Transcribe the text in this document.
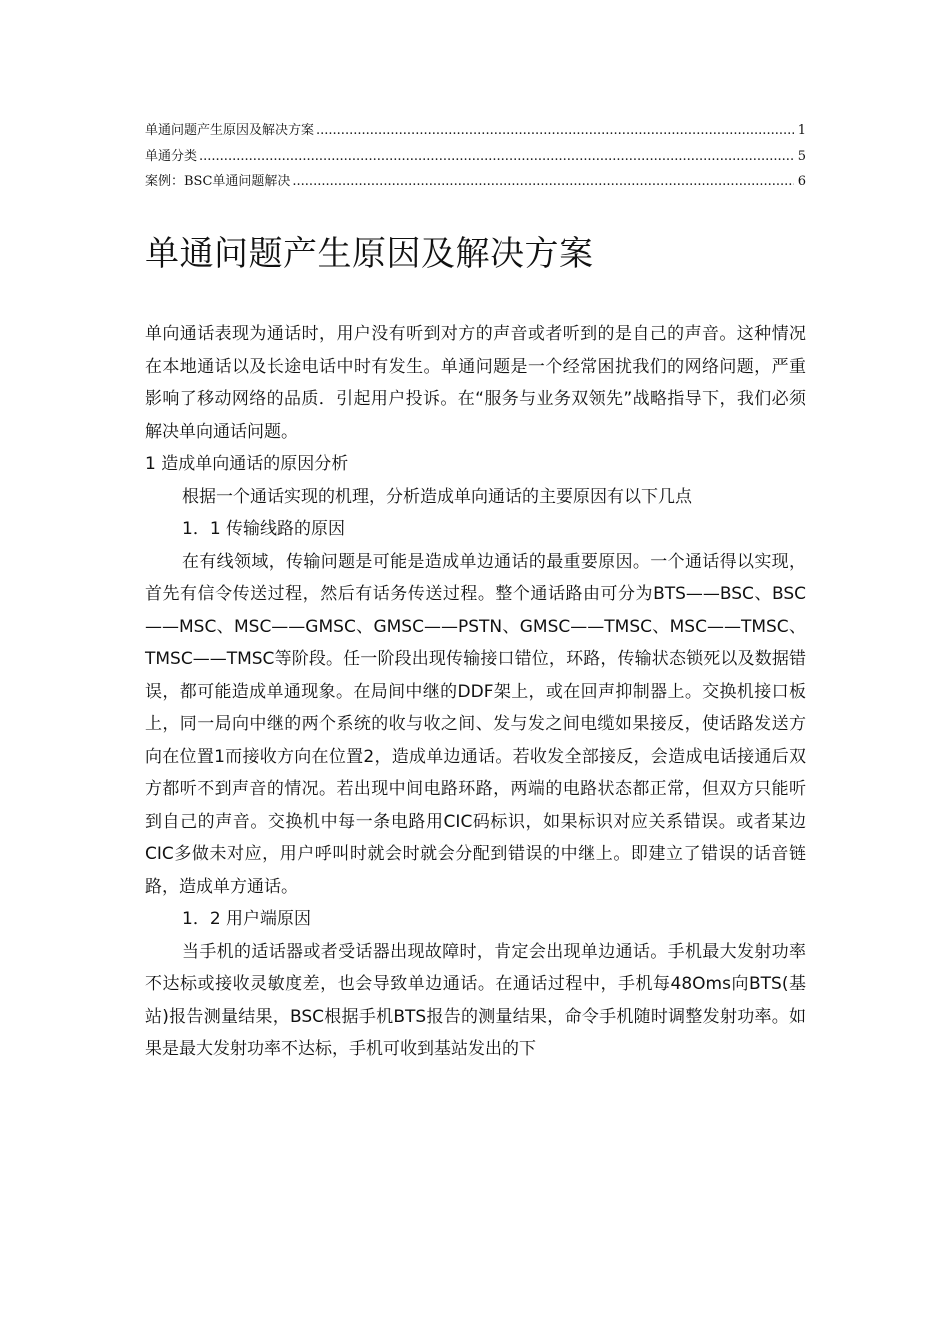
单通问题产生原因及解决方案 .....	1
单通分类 .....	5
案例：BSC单通问题解决 .....	6
单通问题产生原因及解决方案

单向通话表现为通话时，用户没有听到对方的声音或者听到的是自己的声音。这种情况在本地通话以及长途电话中时有发生。单通问题是一个经常困扰我们的网络问题，严重影响了移动网络的品质．引起用户投诉。在“服务与业务双领先”战略指导下，我们必须解决单向通话问题。

1 造成单向通话的原因分析

根据一个通话实现的机理，分析造成单向通话的主要原因有以下几点

1．1 传输线路的原因

在有线领域，传输问题是可能是造成单边通话的最重要原因。一个通话得以实现，首先有信令传送过程，然后有话务传送过程。整个通话路由可分为BTS——BSC、BSC——MSC、MSC——GMSC、GMSC——PSTN、GMSC——TMSC、MSC——TMSC、TMSC——TMSC等阶段。任一阶段出现传输接口错位，环路，传输状态锁死以及数据错误，都可能造成单通现象。在局间中继的DDF架上，或在回声抑制器上。交换机接口板上，同一局向中继的两个系统的收与收之间、发与发之间电缆如果接反，使话路发送方向在位置1而接收方向在位置2，造成单边通话。若收发全部接反，会造成电话接通后双方都听不到声音的情况。若出现中间电路环路，两端的电路状态都正常，但双方只能听到自己的声音。交换机中每一条电路用CIC码标识，如果标识对应关系错误。或者某边CIC多做未对应，用户呼叫时就会时就会分配到错误的中继上。即建立了错误的话音链路，造成单方通话。

1．2 用户端原因

当手机的适话器或者受话器出现故障时，肯定会出现单边通话。手机最大发射功率不达标或接收灵敏度差，也会导致单边通话。在通话过程中，手机每48Oms向BTS(基站)报告测量结果，BSC根据手机BTS报告的测量结果，命令手机随时调整发射功率。如果是最大发射功率不达标，手机可收到基站发出的下
